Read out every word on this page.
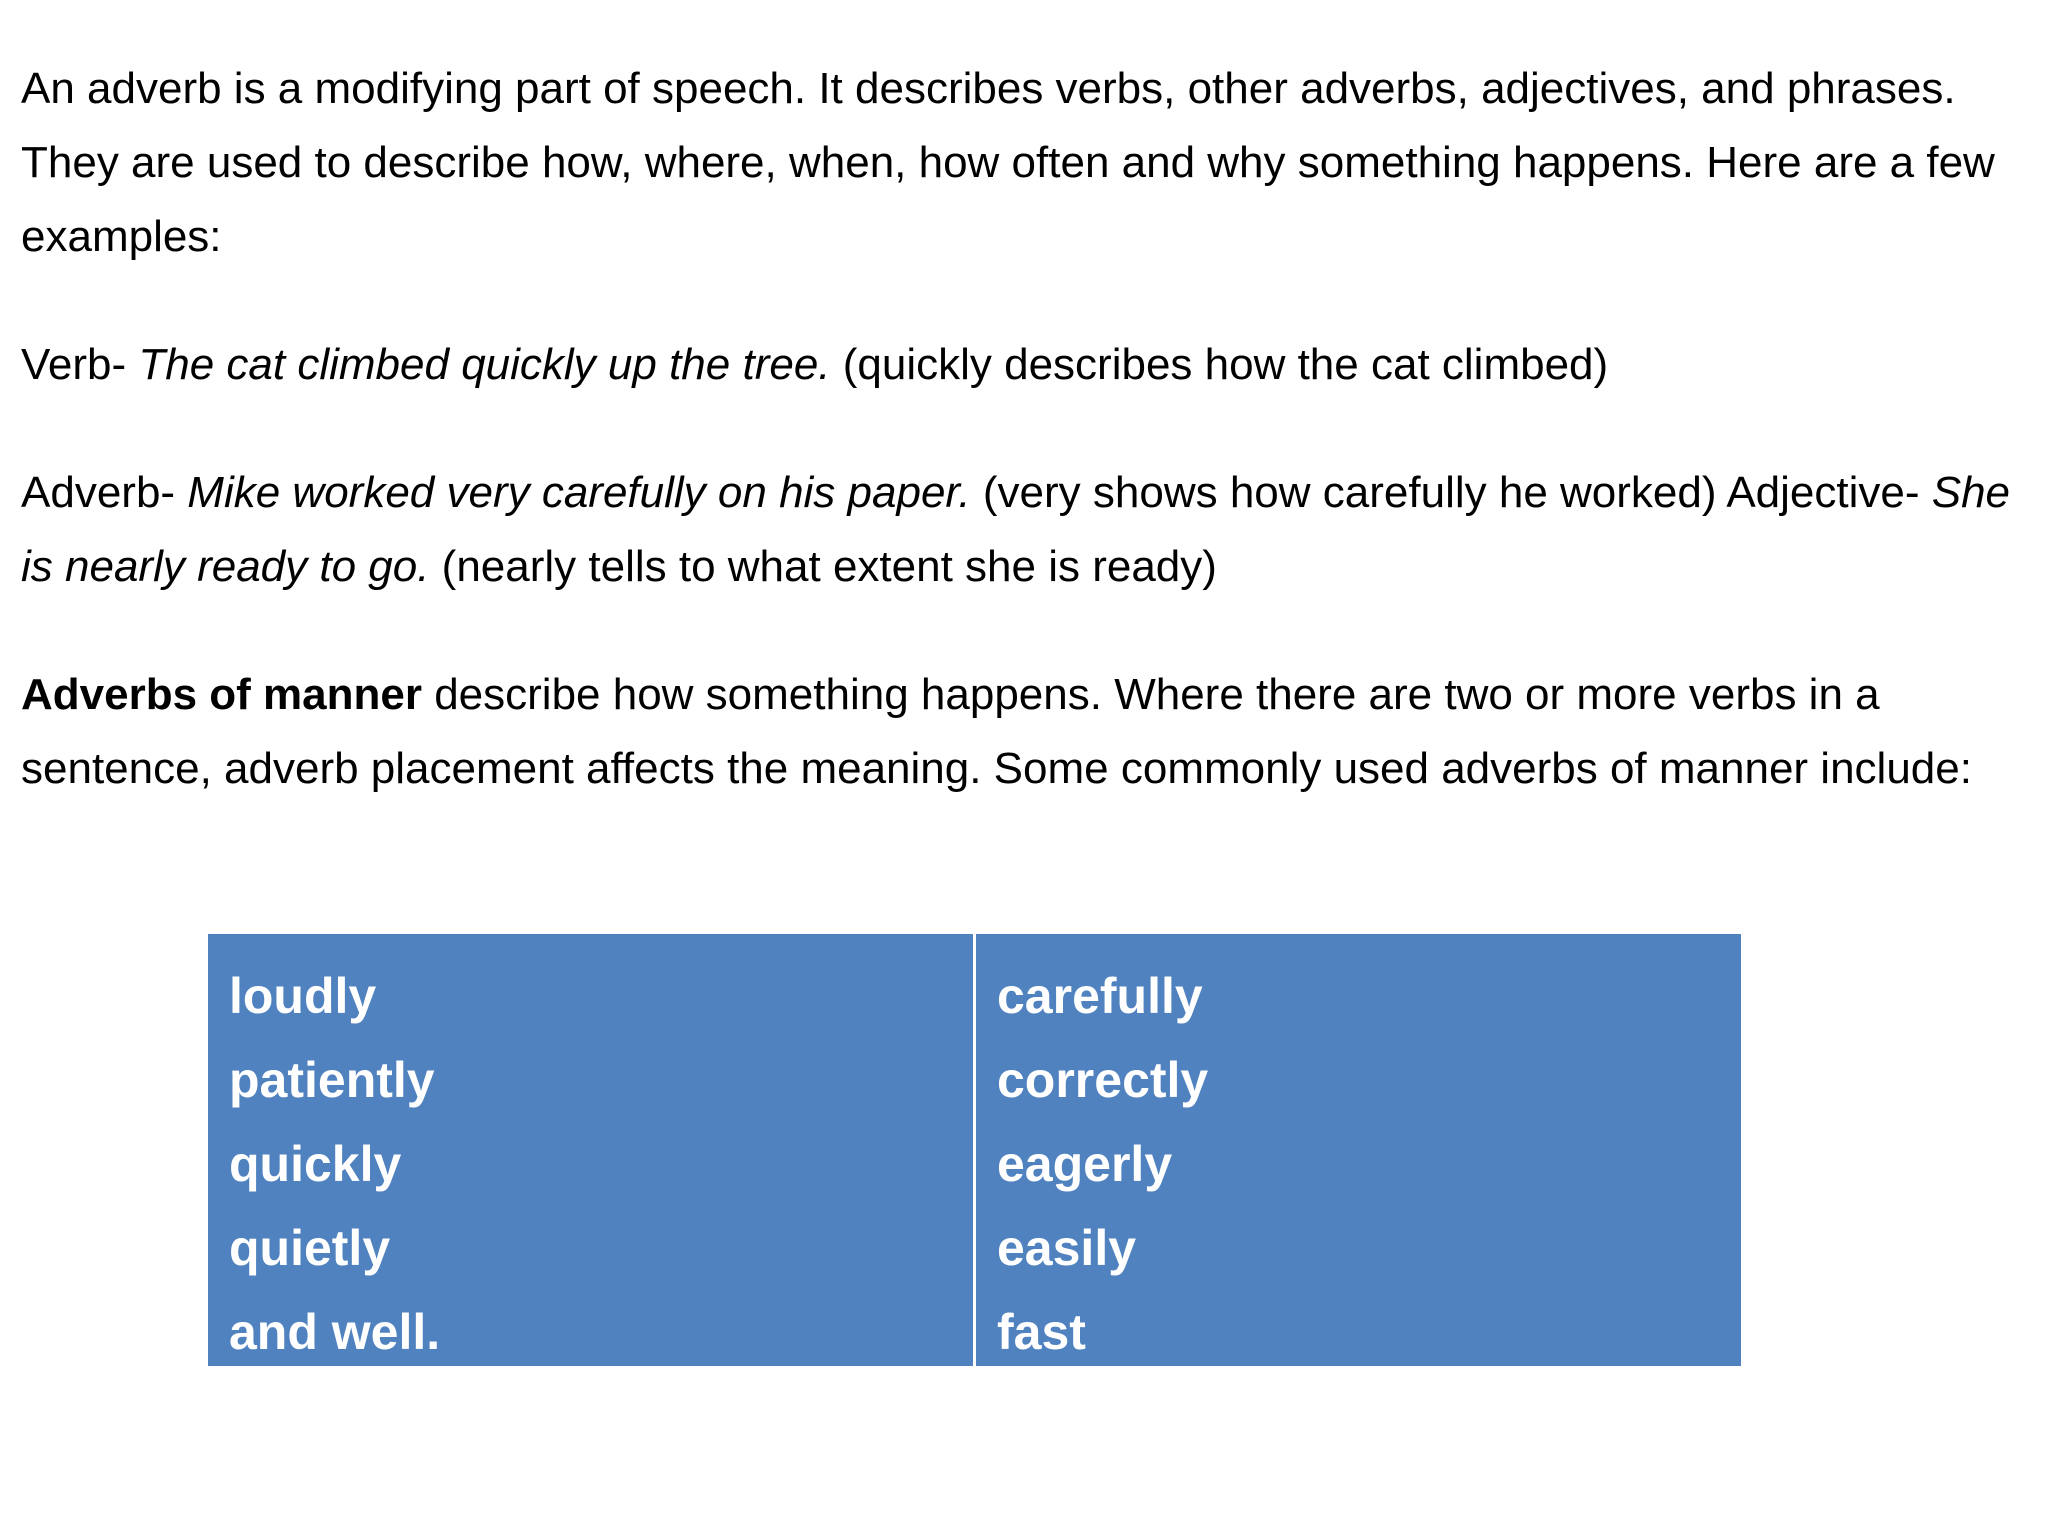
An adverb is a modifying part of speech. It describes verbs, other adverbs, adjectives, and phrases. They are used to describe how, where, when, how often and why something happens. Here are a few examples:

Verb- The cat climbed quickly up the tree. (quickly describes how the cat climbed)

Adverb- Mike worked very carefully on his paper. (very shows how carefully he worked) Adjective- She is nearly ready to go. (nearly tells to what extent she is ready)

Adverbs of manner describe how something happens. Where there are two or more verbs in a sentence, adverb placement affects the meaning. Some commonly used adverbs of manner include:

loudly
patiently
quickly
quietly
and well.
carefully
correctly
eagerly
easily
fast
